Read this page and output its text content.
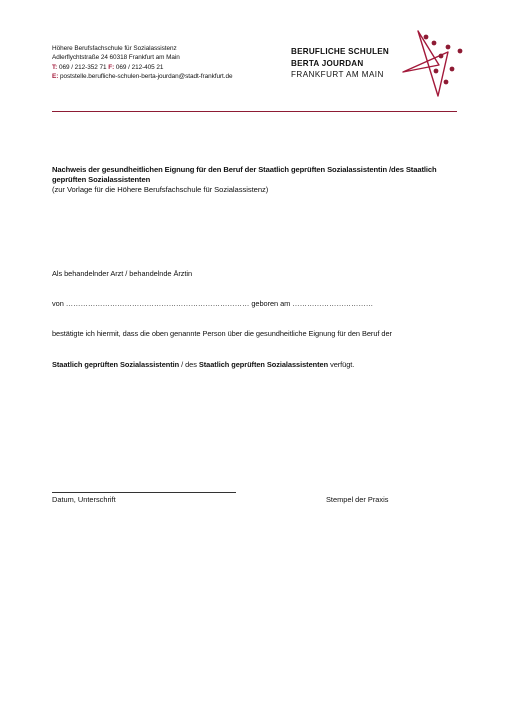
Höhere Berufsfachschule für Sozialassistenz
Adlerflychtstraße 24 60318 Frankfurt am Main
T: 069 / 212-352 71 F: 069 / 212-405 21
E: poststelle.berufliche-schulen-berta-jourdan@stadt-frankfurt.de
BERUFLICHE SCHULEN
BERTA JOURDAN
FRANKFURT AM MAIN
Nachweis der gesundheitlichen Eignung für den Beruf der Staatlich geprüften Sozialassistentin /des Staatlich geprüften Sozialassistenten
(zur Vorlage für die Höhere Berufsfachschule für Sozialassistenz)
Als behandelnder Arzt / behandelnde Ärztin
von ………………………………………………………………… geboren am ……………………………
bestätigte ich hiermit, dass die oben genannte Person über die gesundheitliche Eignung für den Beruf der
Staatlich geprüften Sozialassistentin / des Staatlich geprüften Sozialassistenten verfügt.
Datum, Unterschrift	Stempel der Praxis
